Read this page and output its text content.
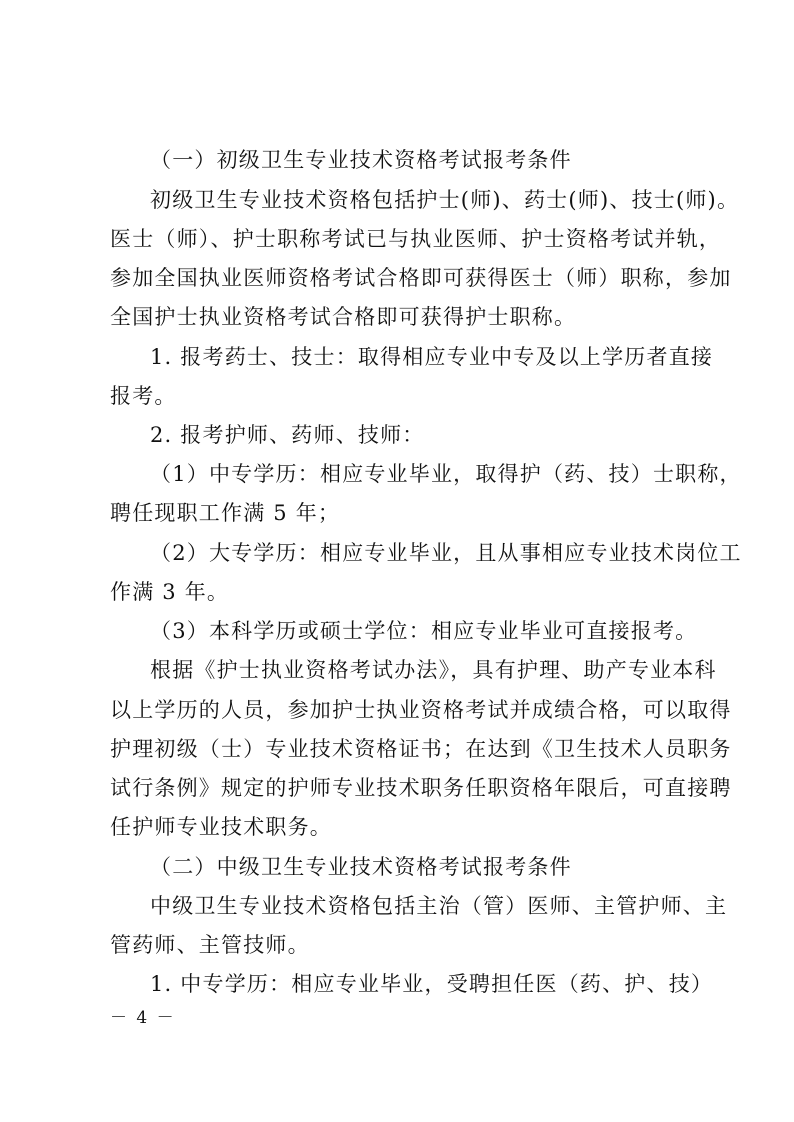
（一）初级卫生专业技术资格考试报考条件
初级卫生专业技术资格包括护士(师)、药士(师)、技士(师)。
医士（师）、护士职称考试已与执业医师、护士资格考试并轨，
参加全国执业医师资格考试合格即可获得医士（师）职称，参加
全国护士执业资格考试合格即可获得护士职称。
1. 报考药士、技士：取得相应专业中专及以上学历者直接
报考。
2. 报考护师、药师、技师：
（1）中专学历：相应专业毕业，取得护（药、技）士职称，
聘任现职工作满 5 年；
（2）大专学历：相应专业毕业，且从事相应专业技术岗位工
作满 3 年。
（3）本科学历或硕士学位：相应专业毕业可直接报考。
根据《护士执业资格考试办法》，具有护理、助产专业本科
以上学历的人员，参加护士执业资格考试并成绩合格，可以取得
护理初级（士）专业技术资格证书；在达到《卫生技术人员职务
试行条例》规定的护师专业技术职务任职资格年限后，可直接聘
任护师专业技术职务。
（二）中级卫生专业技术资格考试报考条件
中级卫生专业技术资格包括主治（管）医师、主管护师、主
管药师、主管技师。
1. 中专学历：相应专业毕业，受聘担任医（药、护、技）
－ 4 －
